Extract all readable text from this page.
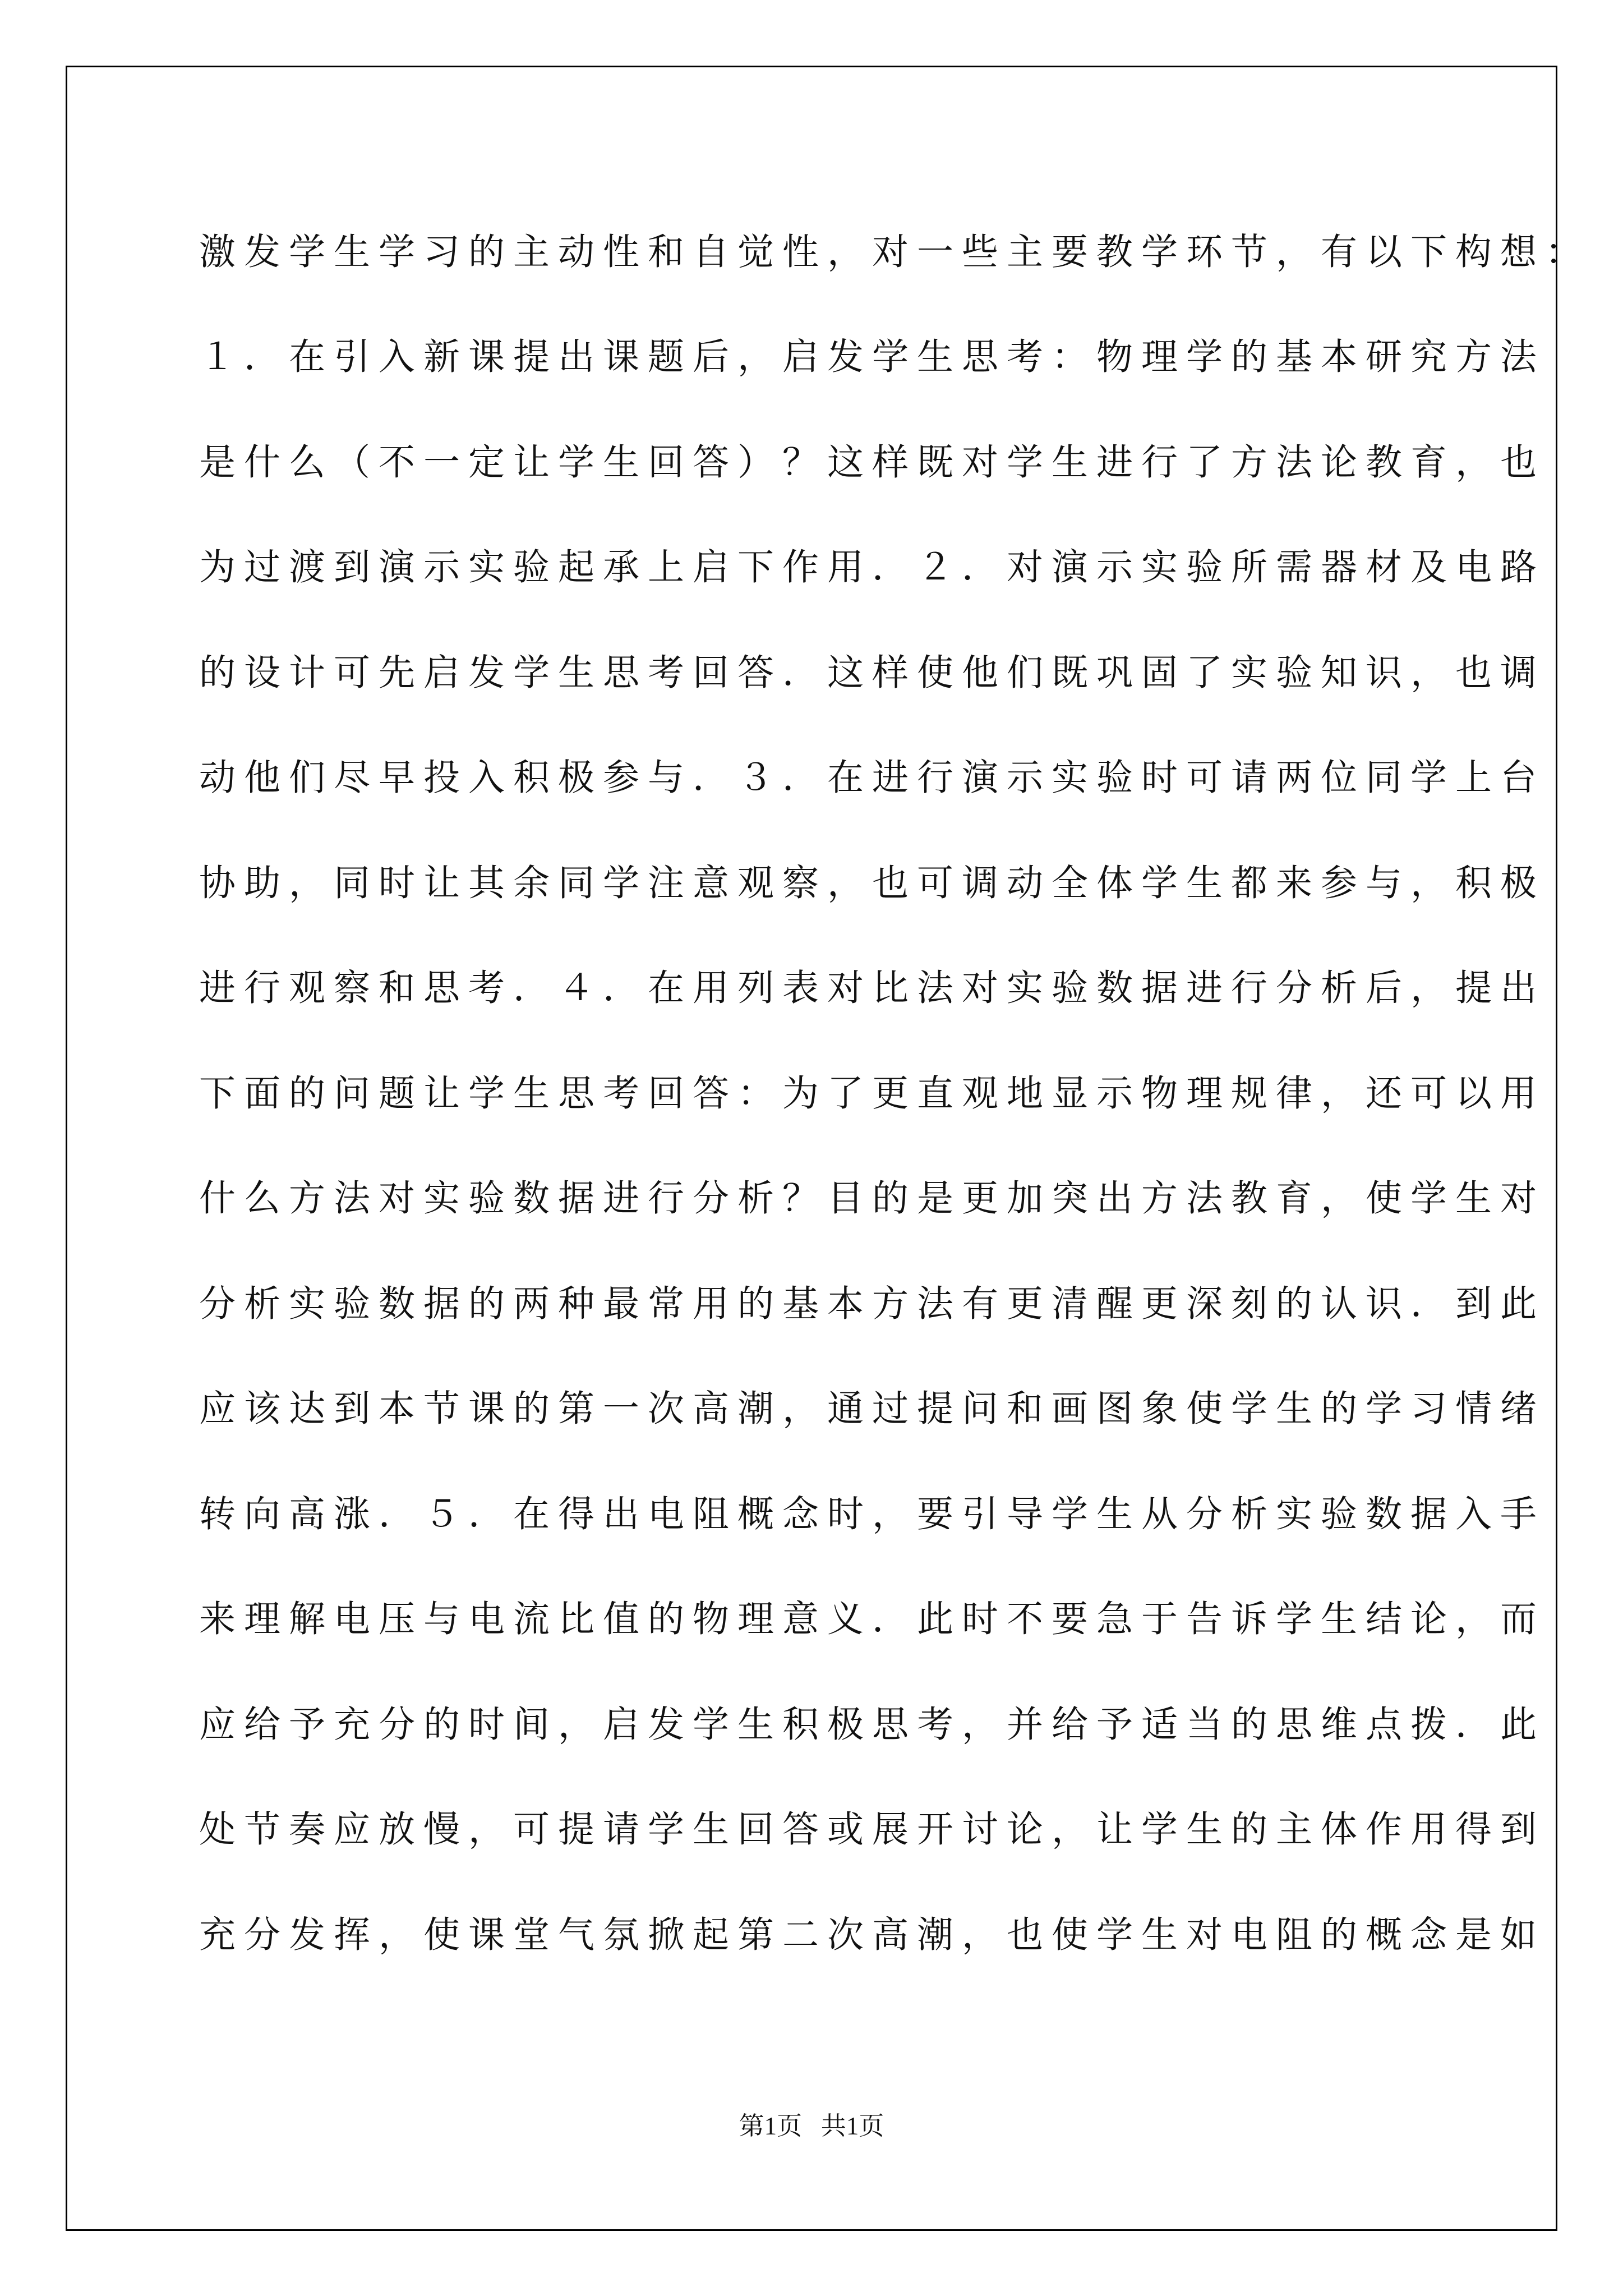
激发学生学习的主动性和自觉性，对一些主要教学环节，有以下构想：
１．在引入新课提出课题后，启发学生思考：物理学的基本研究方法
是什么（不一定让学生回答）？这样既对学生进行了方法论教育，也
为过渡到演示实验起承上启下作用．２．对演示实验所需器材及电路
的设计可先启发学生思考回答．这样使他们既巩固了实验知识，也调
动他们尽早投入积极参与．３．在进行演示实验时可请两位同学上台
协助，同时让其余同学注意观察，也可调动全体学生都来参与，积极
进行观察和思考．４．在用列表对比法对实验数据进行分析后，提出
下面的问题让学生思考回答：为了更直观地显示物理规律，还可以用
什么方法对实验数据进行分析？目的是更加突出方法教育，使学生对
分析实验数据的两种最常用的基本方法有更清醒更深刻的认识．到此
应该达到本节课的第一次高潮，通过提问和画图象使学生的学习情绪
转向高涨．５．在得出电阻概念时，要引导学生从分析实验数据入手
来理解电压与电流比值的物理意义．此时不要急于告诉学生结论，而
应给予充分的时间，启发学生积极思考，并给予适当的思维点拨．此
处节奏应放慢，可提请学生回答或展开讨论，让学生的主体作用得到
充分发挥，使课堂气氛掀起第二次高潮，也使学生对电阻的概念是如
第1页   共1页
